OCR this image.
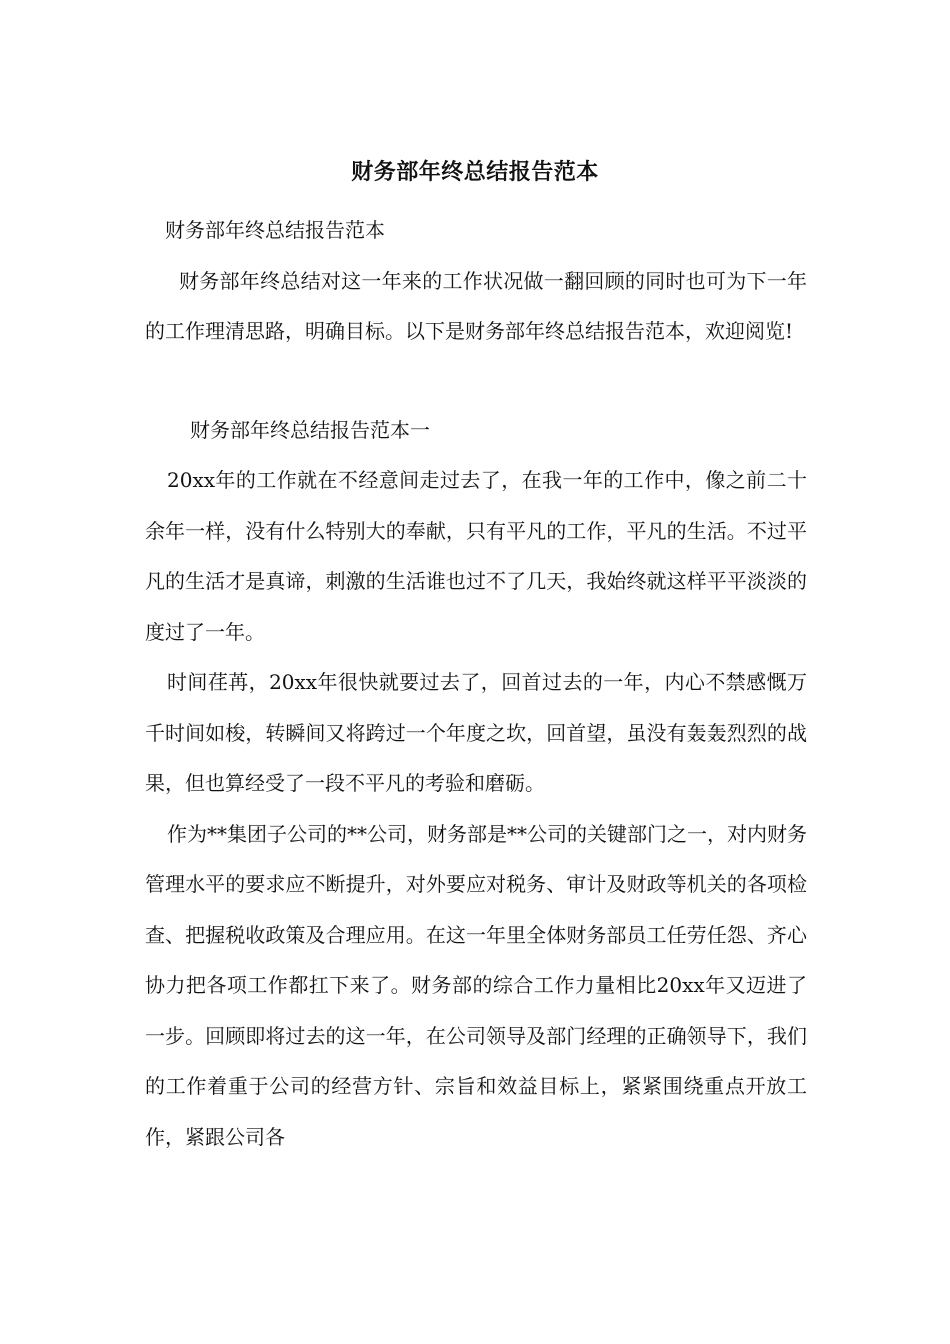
财务部年终总结报告范本

财务部年终总结报告范本

财务部年终总结对这一年来的工作状况做一翻回顾的同时也可为下一年的工作理清思路，明确目标。以下是财务部年终总结报告范本，欢迎阅览!

财务部年终总结报告范本一

20xx年的工作就在不经意间走过去了，在我一年的工作中，像之前二十余年一样，没有什么特别大的奉献，只有平凡的工作，平凡的生活。不过平凡的生活才是真谛，刺激的生活谁也过不了几天，我始终就这样平平淡淡的度过了一年。

时间荏苒，20xx年很快就要过去了，回首过去的一年，内心不禁感慨万千时间如梭，转瞬间又将跨过一个年度之坎，回首望，虽没有轰轰烈烈的战果，但也算经受了一段不平凡的考验和磨砺。

作为**集团子公司的**公司，财务部是**公司的关键部门之一，对内财务管理水平的要求应不断提升，对外要应对税务、审计及财政等机关的各项检查、把握税收政策及合理应用。在这一年里全体财务部员工任劳任怨、齐心协力把各项工作都扛下来了。财务部的综合工作力量相比20xx年又迈进了一步。回顾即将过去的这一年，在公司领导及部门经理的正确领导下，我们的工作着重于公司的经营方针、宗旨和效益目标上，紧紧围绕重点开放工作，紧跟公司各
